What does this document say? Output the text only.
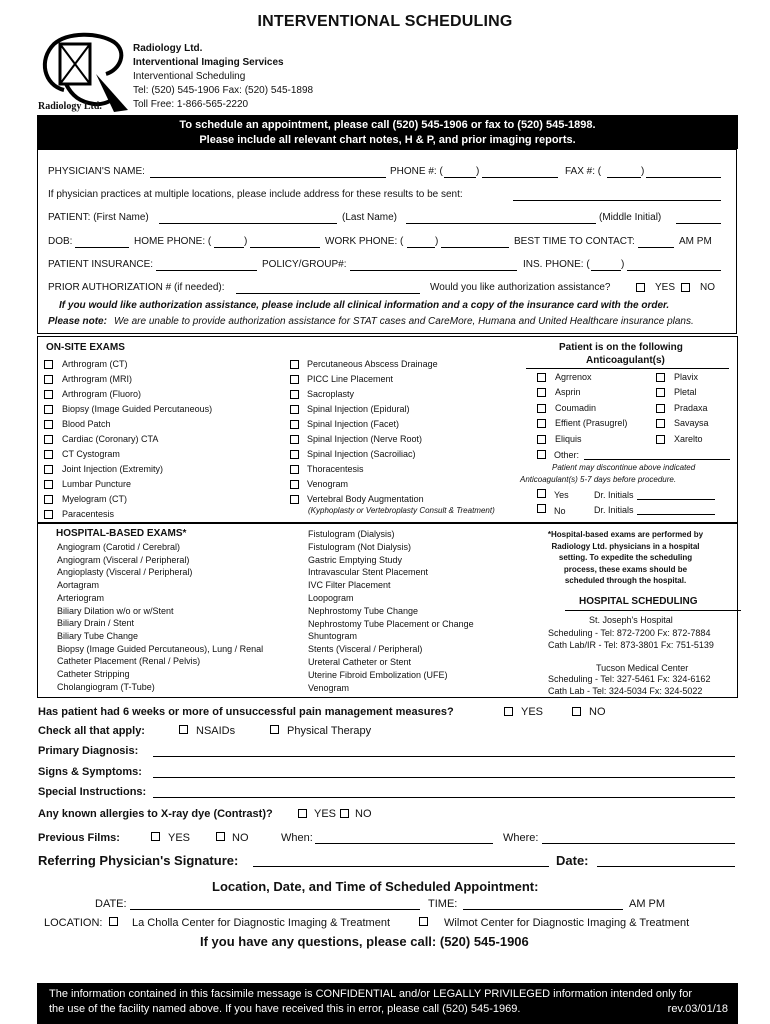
INTERVENTIONAL SCHEDULING
Radiology Ltd.
Radiology Ltd.
Interventional Imaging Services
Interventional Scheduling
Tel: (520) 545-1906 Fax: (520) 545-1898
Toll Free: 1-866-565-2220
To schedule an appointment, please call (520) 545-1906 or fax to (520) 545-1898.
Please include all relevant chart notes, H & P, and prior imaging reports.
PHYSICIAN'S NAME:	PHONE #: (	)	FAX #: (	)
If physician practices at multiple locations, please include address for these results to be sent:
PATIENT: (First Name)	(Last Name)	(Middle Initial)
DOB:	HOME PHONE: (	)	WORK PHONE: (	)	BEST TIME TO CONTACT:	AM PM
PATIENT INSURANCE:	POLICY/GROUP#:	INS. PHONE: (	)
PRIOR AUTHORIZATION # (if needed):	Would you like authorization assistance?	YES NO
If you would like authorization assistance, please include all clinical information and a copy of the insurance card with the order.
Please note: We are unable to provide authorization assistance for STAT cases and CareMore, Humana and United Healthcare insurance plans.
ON-SITE EXAMS
Arthrogram (CT)
Arthrogram (MRI)
Arthrogram (Fluoro)
Biopsy (Image Guided Percutaneous)
Blood Patch
Cardiac (Coronary) CTA
CT Cystogram
Joint Injection (Extremity)
Lumbar Puncture
Myelogram (CT)
Paracentesis
Percutaneous Abscess Drainage
PICC Line Placement
Sacroplasty
Spinal Injection (Epidural)
Spinal Injection (Facet)
Spinal Injection (Nerve Root)
Spinal Injection (Sacroiliac)
Thoracentesis
Venogram
Vertebral Body Augmentation
(Kyphoplasty or Vertebroplasty Consult & Treatment)
Patient is on the following
Anticoagulant(s)
Agrrenox
Asprin
Coumadin
Effient (Prasugrel)
Eliquis
Plavix
Pletal
Pradaxa
Savaysa
Xarelto
Other:
Patient may discontinue above indicated
Anticoagulant(s) 5-7 days before procedure.
Yes	Dr. Initials
No	Dr. Initials
HOSPITAL-BASED EXAMS*
Angiogram (Carotid / Cerebral)
Angiogram (Visceral / Peripheral)
Angioplasty (Visceral / Peripheral)
Aortagram
Arteriogram
Biliary Dilation w/o or w/Stent
Biliary Drain / Stent
Biliary Tube Change
Biopsy (Image Guided Percutaneous), Lung / Renal
Catheter Placement (Renal / Pelvis)
Catheter Stripping
Cholangiogram (T-Tube)
Fistulogram (Dialysis)
Fistulogram (Not Dialysis)
Gastric Emptying Study
Intravascular Stent Placement
IVC Filter Placement
Loopogram
Nephrostomy Tube Change
Nephrostomy Tube Placement or Change
Shuntogram
Stents (Visceral / Peripheral)
Ureteral Catheter or Stent
Uterine Fibroid Embolization (UFE)
Venogram
*Hospital-based exams are performed by
Radiology Ltd. physicians in a hospital
setting. To expedite the scheduling
process, these exams should be
scheduled through the hospital.
HOSPITAL SCHEDULING
St. Joseph's Hospital
Scheduling - Tel: 872-7200 Fx: 872-7884
Cath Lab/IR - Tel: 873-3801 Fx: 751-5139
Tucson Medical Center
Scheduling - Tel: 327-5461 Fx: 324-6162
Cath Lab - Tel: 324-5034 Fx: 324-5022
Has patient had 6 weeks or more of unsuccessful pain management measures?	YES	NO
Check all that apply:	NSAIDs	Physical Therapy
Primary Diagnosis:
Signs & Symptoms:
Special Instructions:
Any known allergies to X-ray dye (Contrast)?	YES NO
Previous Films:	YES	NO	When:	Where:
Referring Physician's Signature:	Date:
Location, Date, and Time of Scheduled Appointment:
DATE:	TIME:	AM PM
LOCATION:	La Cholla Center for Diagnostic Imaging & Treatment	Wilmot Center for Diagnostic Imaging & Treatment
If you have any questions, please call: (520) 545-1906
The information contained in this facsimile message is CONFIDENTIAL and/or LEGALLY PRIVILEGED information intended only for
the use of the facility named above. If you have received this in error, please call (520) 545-1969.	rev.03/01/18
